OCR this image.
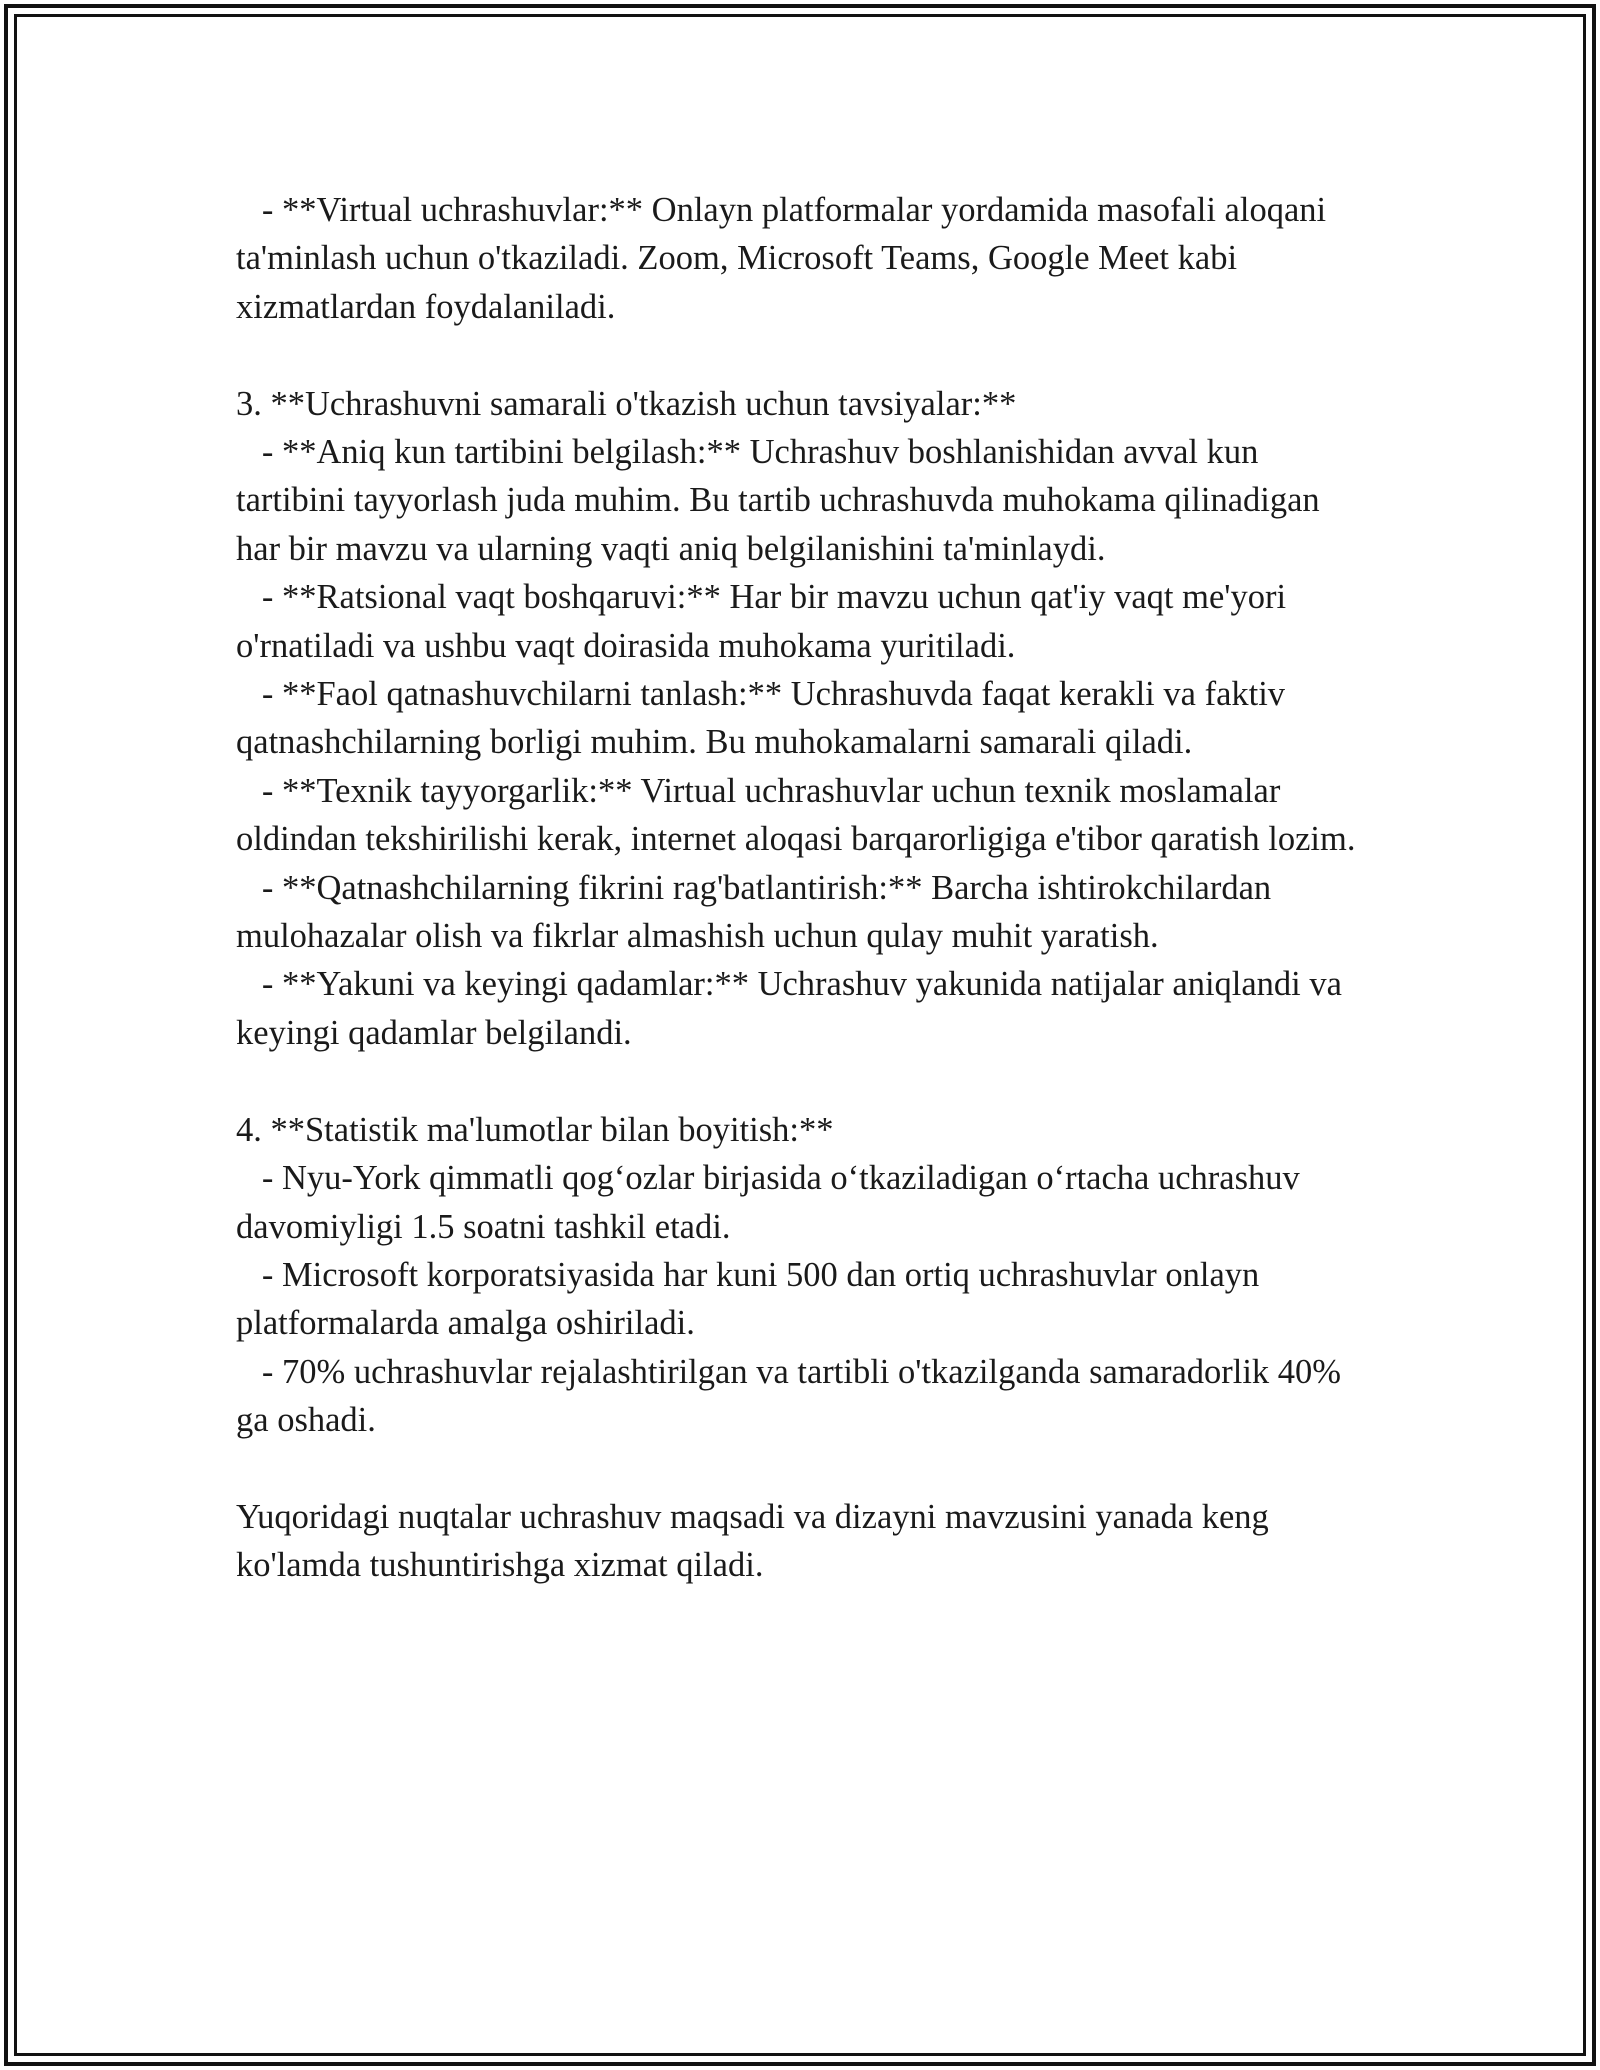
- **Virtual uchrashuvlar:** Onlayn platformalar yordamida masofali aloqani ta'minlash uchun o'tkaziladi. Zoom, Microsoft Teams, Google Meet kabi xizmatlardan foydalaniladi.

3. **Uchrashuvni samarali o'tkazish uchun tavsiyalar:**

- **Aniq kun tartibini belgilash:** Uchrashuv boshlanishidan avval kun tartibini tayyorlash juda muhim. Bu tartib uchrashuvda muhokama qilinadigan har bir mavzu va ularning vaqti aniq belgilanishini ta'minlaydi.

- **Ratsional vaqt boshqaruvi:** Har bir mavzu uchun qat'iy vaqt me'yori o'rnatiladi va ushbu vaqt doirasida muhokama yuritiladi.

- **Faol qatnashuvchilarni tanlash:** Uchrashuvda faqat kerakli va faktiv qatnashchilarning borligi muhim. Bu muhokamalarni samarali qiladi.

- **Texnik tayyorgarlik:** Virtual uchrashuvlar uchun texnik moslamalar oldindan tekshirilishi kerak, internet aloqasi barqarorligiga e'tibor qaratish lozim.

- **Qatnashchilarning fikrini rag'batlantirish:** Barcha ishtirokchilardan mulohazalar olish va fikrlar almashish uchun qulay muhit yaratish.

- **Yakuni va keyingi qadamlar:** Uchrashuv yakunida natijalar aniqlandi va keyingi qadamlar belgilandi.

4. **Statistik ma'lumotlar bilan boyitish:**

- Nyu-York qimmatli qog‘ozlar birjasida o‘tkaziladigan o‘rtacha uchrashuv davomiyligi 1.5 soatni tashkil etadi.

- Microsoft korporatsiyasida har kuni 500 dan ortiq uchrashuvlar onlayn platformalarda amalga oshiriladi.

- 70% uchrashuvlar rejalashtirilgan va tartibli o'tkazilganda samaradorlik 40% ga oshadi.

Yuqoridagi nuqtalar uchrashuv maqsadi va dizayni mavzusini yanada keng ko'lamda tushuntirishga xizmat qiladi.
